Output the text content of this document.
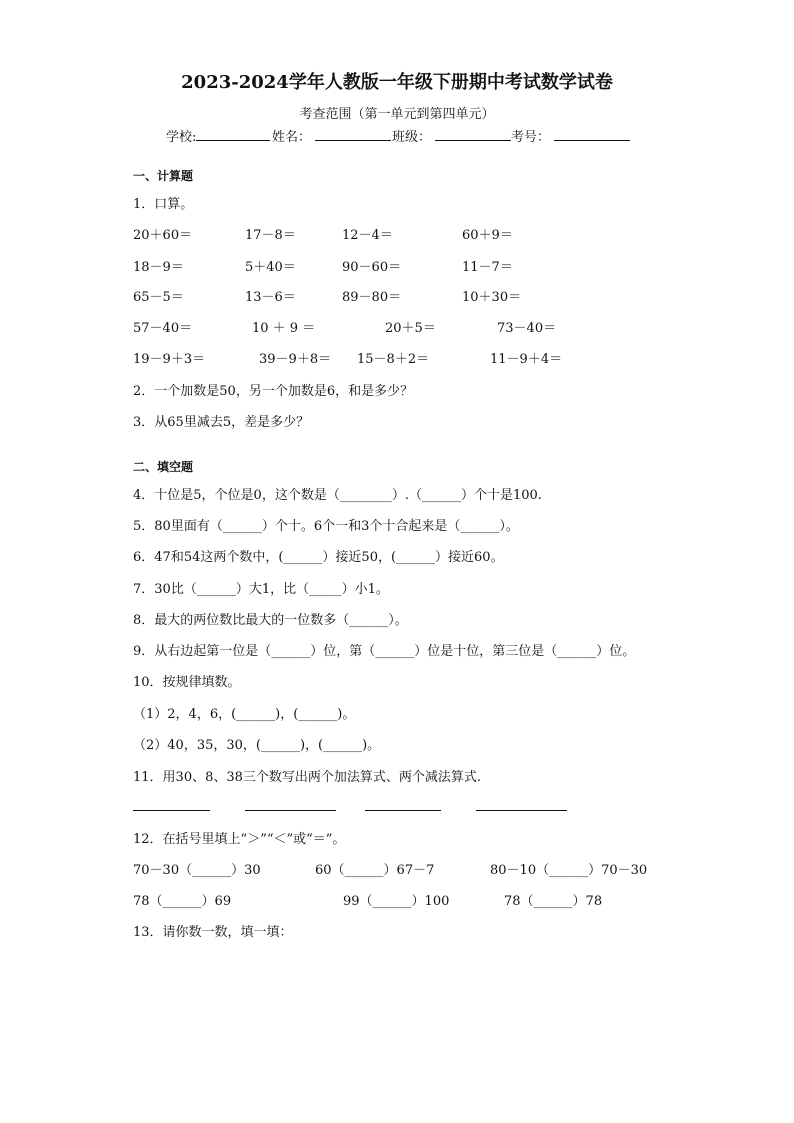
2023-2024学年人教版一年级下册期中考试数学试卷
考查范围（第一单元到第四单元）
学校:	姓名：	班级：	考号：
一、计算题
1．口算。
20＋60＝	17－8＝	12－4＝	60＋9＝
18－9＝	5＋40＝	90－60＝	11－7＝
65－5＝	13－6＝	89－80＝	10＋30＝
57－40＝	10 ＋ 9 ＝	20＋5＝	73－40＝
19－9＋3＝	39－9＋8＝ 15－8＋2＝	11－9＋4＝
2．一个加数是50，另一个加数是6，和是多少？
3．从65里减去5，差是多少？
二、填空题
4．十位是5，个位是0，这个数是（________）.（______）个十是100.
5．80里面有（______）个十。6个一和3个十合起来是（______）。
6．47和54这两个数中，(______）接近50，(______）接近60。
7．30比（______）大1，比（_____）小1。
8．最大的两位数比最大的一位数多（______）。
9．从右边起第一位是（______）位，第（______）位是十位，第三位是（______）位。
10．按规律填数。
（1）2，4，6，(______)，(______)。
（2）40，35，30，(______)，(______)。
11．用30、8、38三个数写出两个加法算式、两个减法算式.
12．在括号里填上“＞”“＜”或“＝”。
70－30（______）30	60（______）67－7	80－10（______）70－30
78（______）69	99（______）100	78（______）78
13．请你数一数，填一填：
